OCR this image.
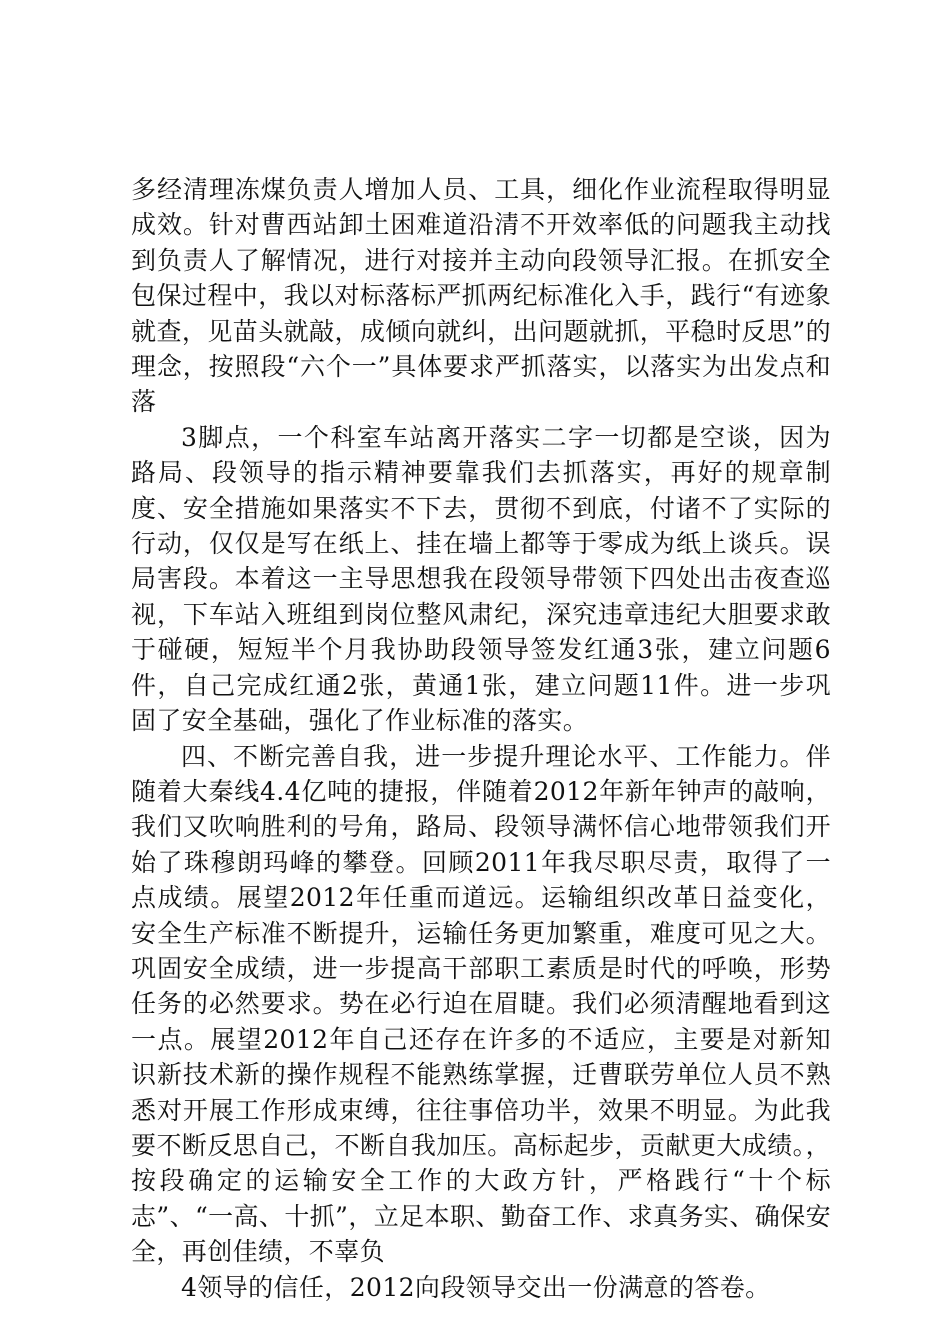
多经清理冻煤负责人增加人员、工具，细化作业流程取得明显成效。针对曹西站卸土困难道沿清不开效率低的问题我主动找到负责人了解情况，进行对接并主动向段领导汇报。在抓安全包保过程中，我以对标落标严抓两纪标准化入手，践行“有迹象就查，见苗头就敲，成倾向就纠，出问题就抓，平稳时反思”的理念，按照段“六个一”具体要求严抓落实，以落实为出发点和落

3脚点，一个科室车站离开落实二字一切都是空谈，因为路局、段领导的指示精神要靠我们去抓落实，再好的规章制度、安全措施如果落实不下去，贯彻不到底，付诸不了实际的行动，仅仅是写在纸上、挂在墙上都等于零成为纸上谈兵。误局害段。本着这一主导思想我在段领导带领下四处出击夜查巡视，下车站入班组到岗位整风肃纪，深究违章违纪大胆要求敢于碰硬，短短半个月我协助段领导签发红通3张，建立问题6件，自己完成红通2张，黄通1张，建立问题11件。进一步巩固了安全基础，强化了作业标准的落实。

四、不断完善自我，进一步提升理论水平、工作能力。伴随着大秦线4.4亿吨的捷报，伴随着2012年新年钟声的敲响，我们又吹响胜利的号角，路局、段领导满怀信心地带领我们开始了珠穆朗玛峰的攀登。回顾2011年我尽职尽责，取得了一点成绩。展望2012年任重而道远。运输组织改革日益变化，安全生产标准不断提升，运输任务更加繁重，难度可见之大。巩固安全成绩，进一步提高干部职工素质是时代的呼唤，形势任务的必然要求。势在必行迫在眉睫。我们必须清醒地看到这一点。展望2012年自己还存在许多的不适应，主要是对新知识新技术新的操作规程不能熟练掌握，迁曹联劳单位人员不熟悉对开展工作形成束缚，往往事倍功半，效果不明显。为此我要不断反思自己，不断自我加压。高标起步，贡献更大成绩。，按段确定的运输安全工作的大政方针，严格践行“十个标志”、“一高、十抓”，立足本职、勤奋工作、求真务实、确保安全，再创佳绩，不辜负

4领导的信任，2012向段领导交出一份满意的答卷。
